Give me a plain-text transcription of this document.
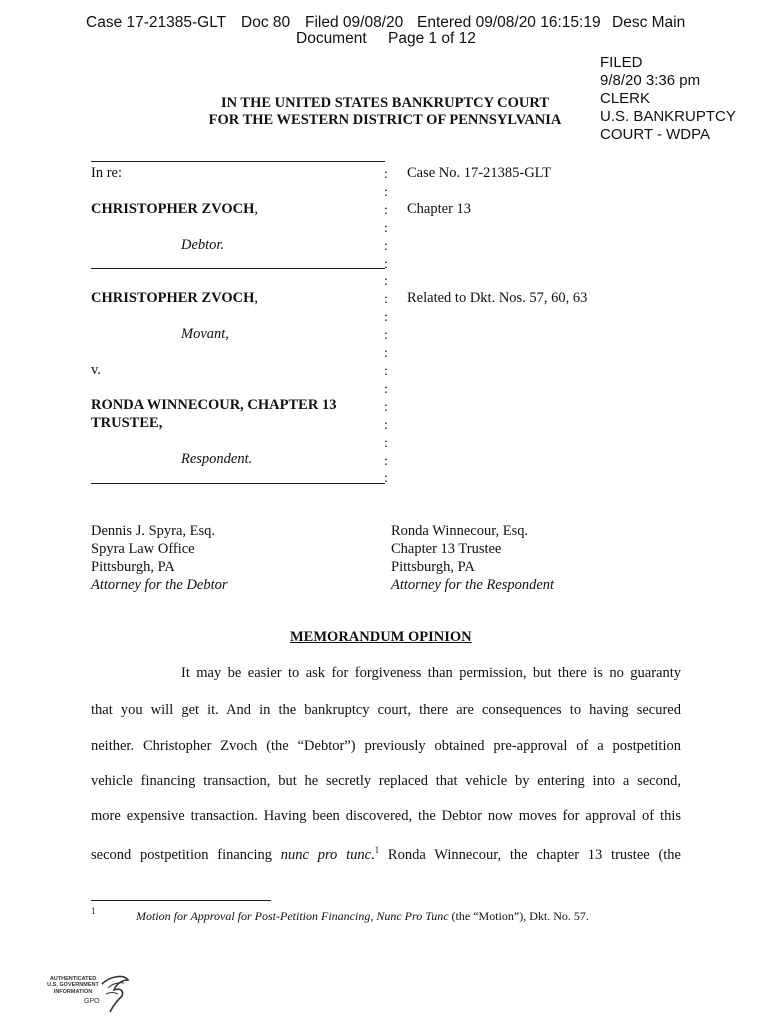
Case 17-21385-GLT Doc 80 Filed 09/08/20 Entered 09/08/20 16:15:19 Desc Main
Document Page 1 of 12
FILED
9/8/20 3:36 pm
CLERK
U.S. BANKRUPTCY
COURT - WDPA
IN THE UNITED STATES BANKRUPTCY COURT
FOR THE WESTERN DISTRICT OF PENNSYLVANIA
In re:
CHRISTOPHER ZVOCH,
Debtor.
CHRISTOPHER ZVOCH,
Movant,
v.
RONDA WINNECOUR, CHAPTER 13
TRUSTEE,
Respondent.
:
:
:
:
:
:
:
:
:
:
:
:
:
:
:
:
:
:
Case No. 17-21385-GLT
Chapter 13
Related to Dkt. Nos. 57, 60, 63
Dennis J. Spyra, Esq.
Spyra Law Office
Pittsburgh, PA
Attorney for the Debtor
Ronda Winnecour, Esq.
Chapter 13 Trustee
Pittsburgh, PA
Attorney for the Respondent
MEMORANDUM OPINION
It may be easier to ask for forgiveness than permission, but there is no guaranty
that you will get it. And in the bankruptcy court, there are consequences to having secured
neither. Christopher Zvoch (the “Debtor”) previously obtained pre-approval of a postpetition
vehicle financing transaction, but he secretly replaced that vehicle by entering into a second,
more expensive transaction. Having been discovered, the Debtor now moves for approval of this
second postpetition financing nunc pro tunc.$^1$ Ronda Winnecour, the chapter 13 trustee (the
1	Motion for Approval for Post-Petition Financing, Nunc Pro Tunc (the “Motion”), Dkt. No. 57.
AUTHENTICATED
U.S. GOVERNMENT
INFORMATION
GPO
